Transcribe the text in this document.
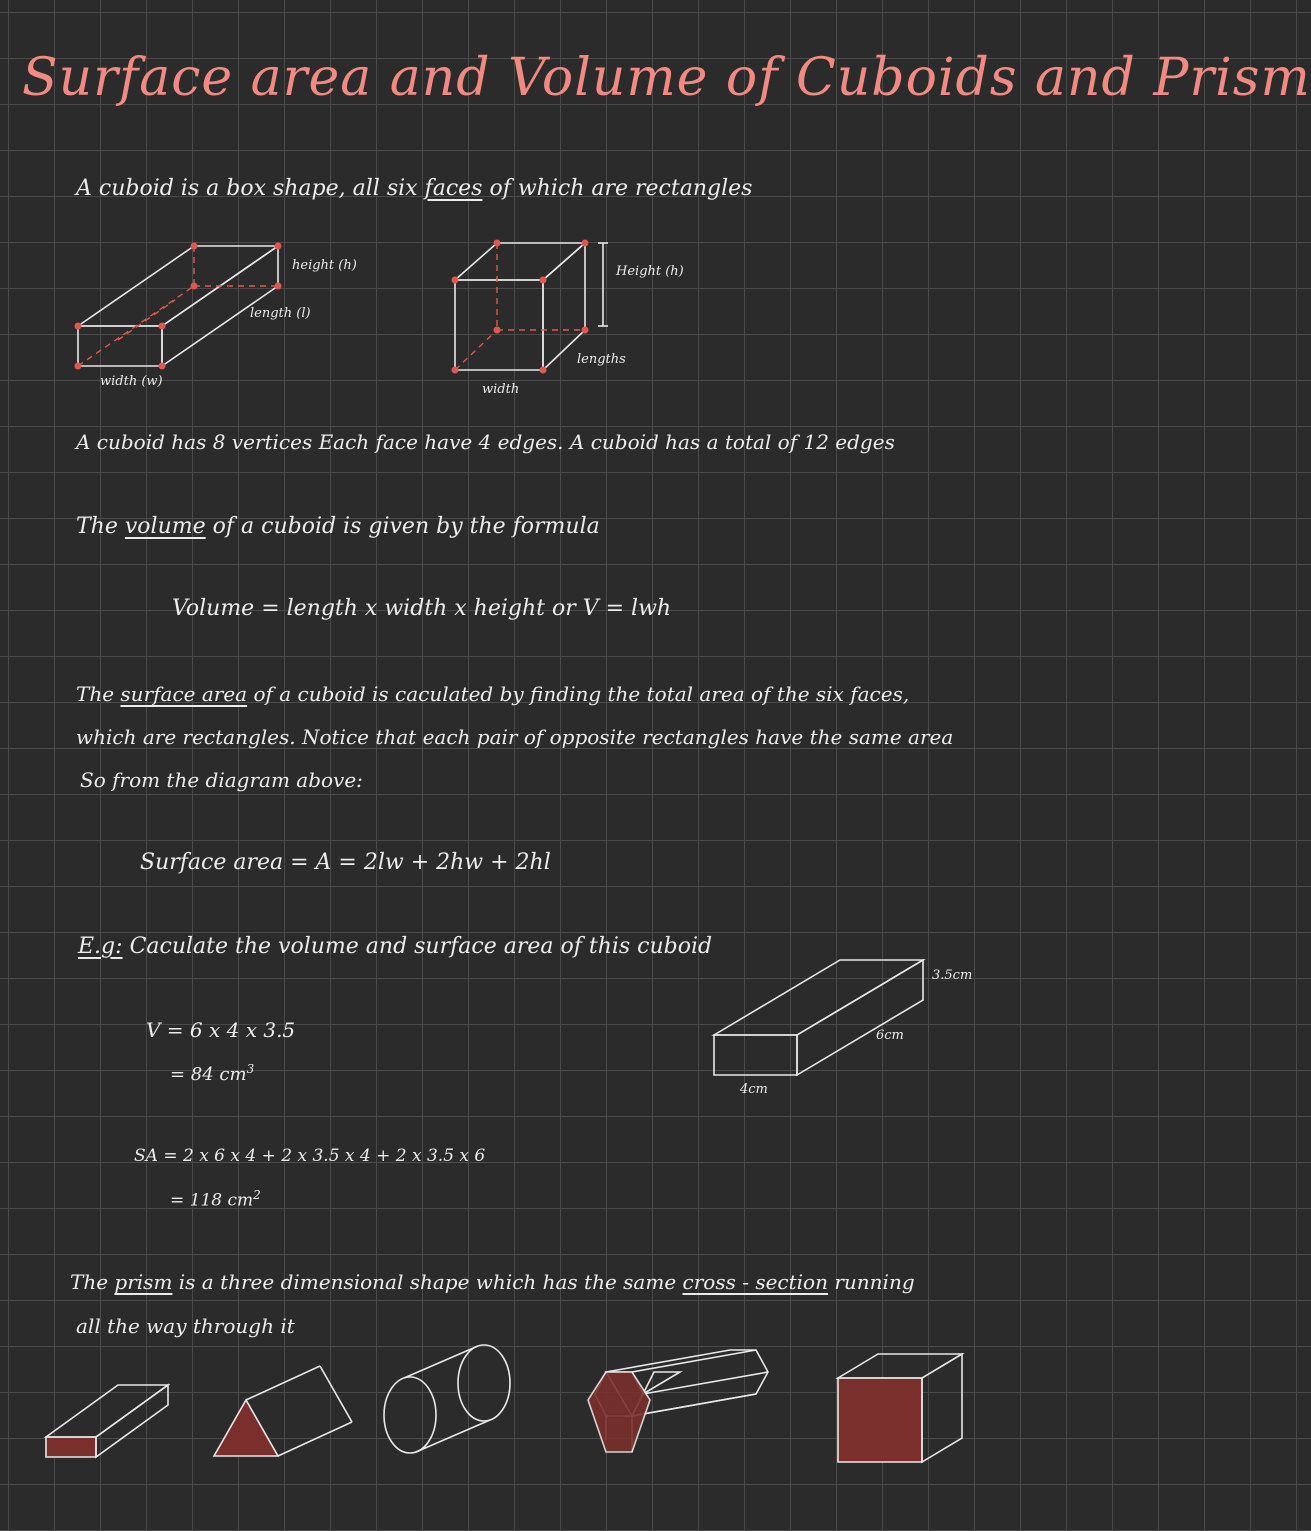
Surface area and Volume of Cuboids and Prism
A cuboid is a box shape, all six faces of which are rectangles
height (h)
length (l)
width (w)
Height (h)
lengths
width
A cuboid has 8 vertices Each face have 4 edges. A cuboid has a total of 12 edges
The volume of a cuboid is given by the formula
Volume = length x width x height or V = lwh
The surface area of a cuboid is caculated by finding the total area of the six faces,
which are rectangles. Notice that each pair of opposite rectangles have the same area
So from the diagram above:
Surface area = A = 2lw + 2hw + 2hl
E.g: Caculate the volume and surface area of this cuboid
V = 6 x 4 x 3.5
= 84 $cm^3$
SA = 2 x 6 x 4 + 2 x 3.5 x 4 + 2 x 3.5 x 6
= 118 $cm^2$
3.5cm
6cm
4cm
The prism is a three dimensional shape which has the same cross - section running
all the way through it
